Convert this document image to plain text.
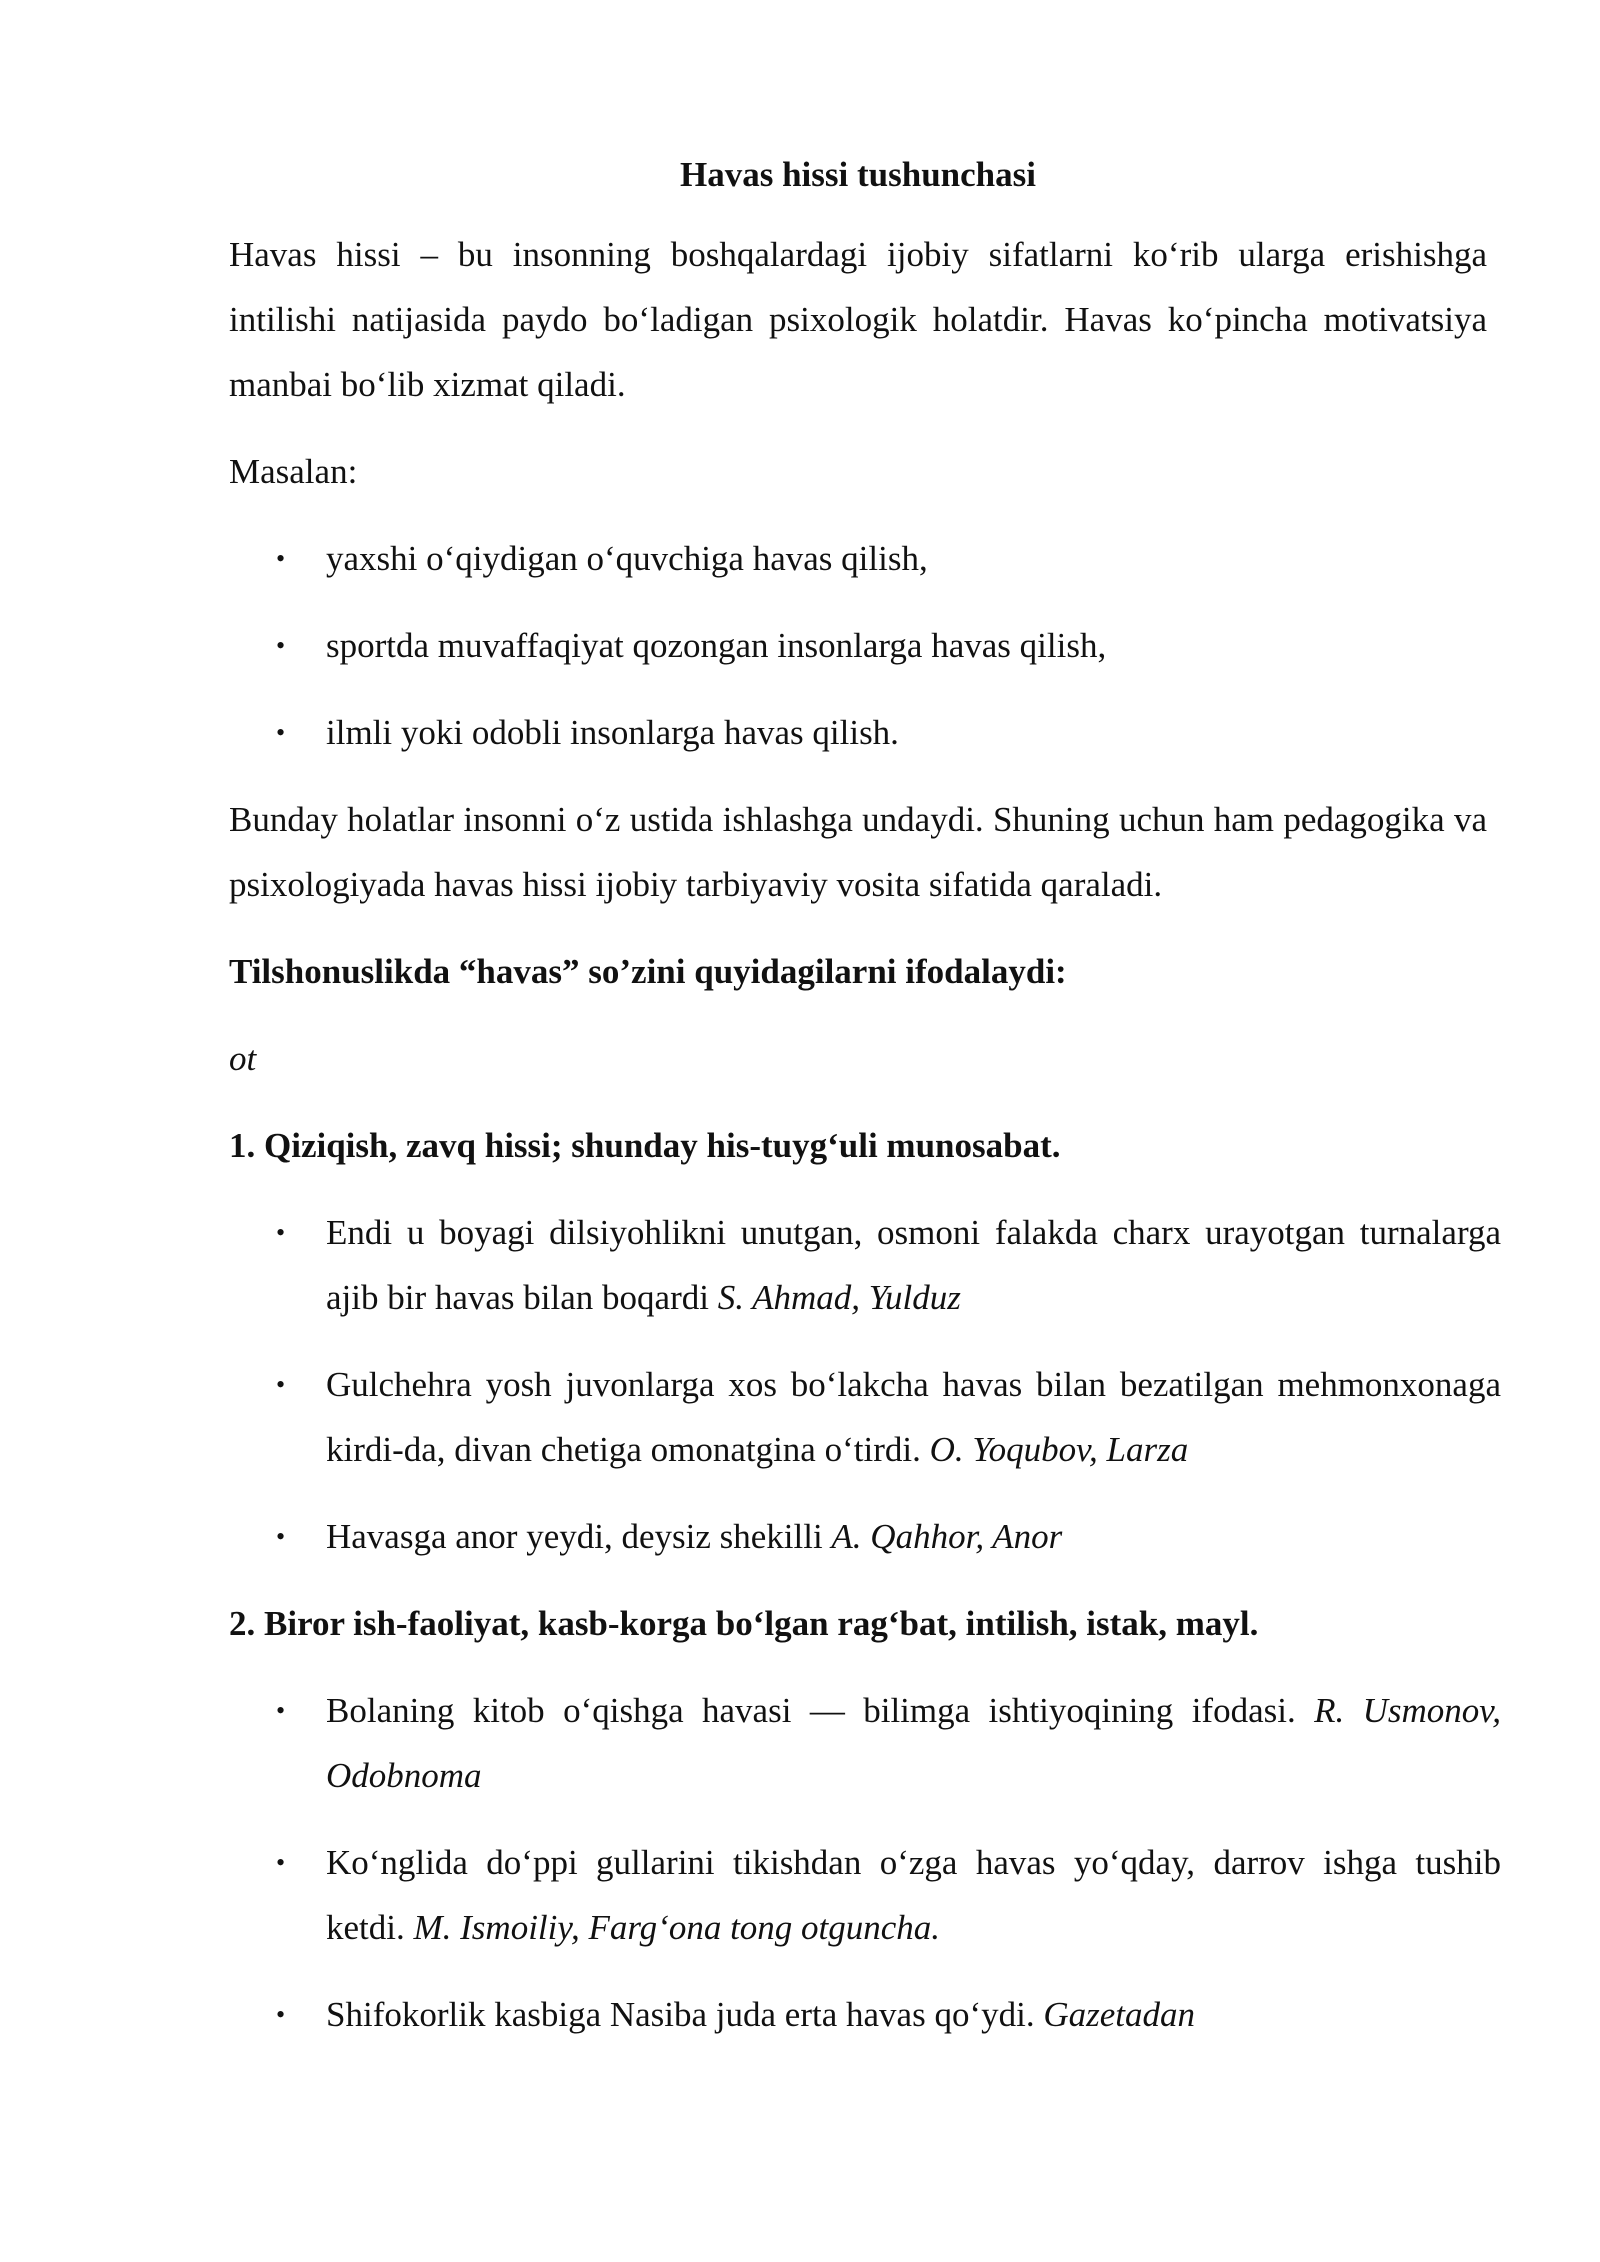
Havas hissi tushunchasi

Havas hissi – bu insonning boshqalardagi ijobiy sifatlarni ko‘rib ularga erishishga intilishi natijasida paydo bo‘ladigan psixologik holatdir. Havas ko‘pincha motivatsiya manbai bo‘lib xizmat qiladi.

Masalan:

• yaxshi o‘qiydigan o‘quvchiga havas qilish,
• sportda muvaffaqiyat qozongan insonlarga havas qilish,
• ilmli yoki odobli insonlarga havas qilish.

Bunday holatlar insonni o‘z ustida ishlashga undaydi. Shuning uchun ham pedagogika va psixologiyada havas hissi ijobiy tarbiyaviy vosita sifatida qaraladi.

Tilshonuslikda “havas” so’zini quyidagilarni ifodalaydi:
ot
1. Qiziqish, zavq hissi; shunday his-tuyg‘uli munosabat.
• Endi u boyagi dilsiyohlikni unutgan, osmoni falakda charx urayotgan turnalarga ajib bir havas bilan boqardi S. Ahmad, Yulduz
• Gulchehra yosh juvonlarga xos bo‘lakcha havas bilan bezatilgan mehmonxonaga kirdi-da, divan chetiga omonatgina o‘tirdi. O. Yoqubov, Larza
• Havasga anor yeydi, deysiz shekilli A. Qahhor, Anor
2. Biror ish-faoliyat, kasb-korga bo‘lgan rag‘bat, intilish, istak, mayl.
• Bolaning kitob o‘qishga havasi — bilimga ishtiyoqining ifodasi. R. Usmonov, Odobnoma
• Ko‘nglida do‘ppi gullarini tikishdan o‘zga havas yo‘qday, darrov ishga tushib ketdi. M. Ismoiliy, Farg‘ona tong otguncha.
• Shifokorlik kasbiga Nasiba juda erta havas qo‘ydi. Gazetadan
